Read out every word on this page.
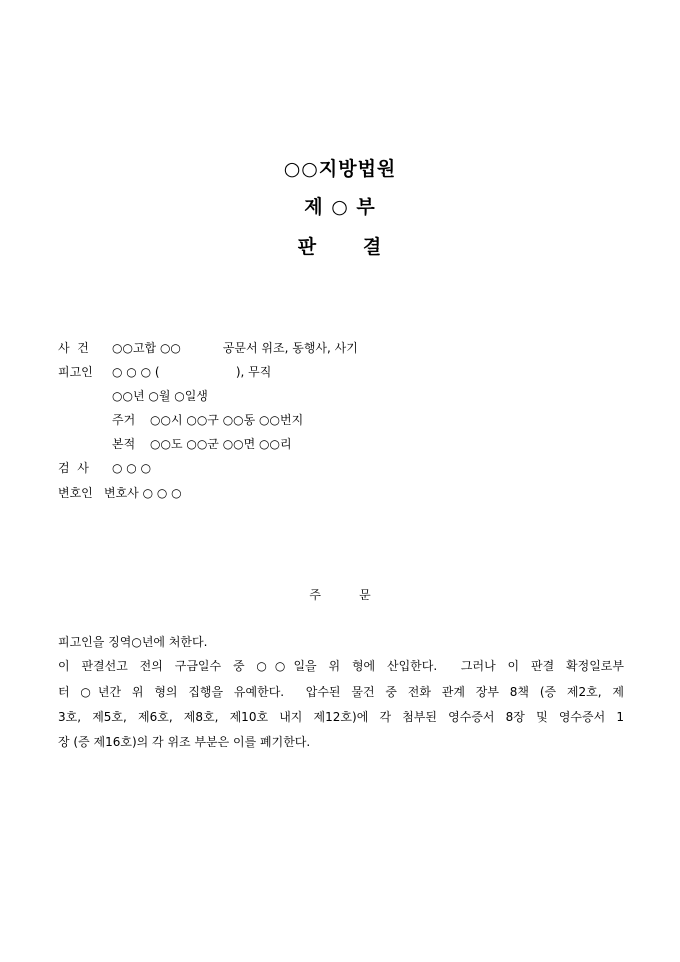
○○지방법원
제 ○ 부
판      결
사  건 ○○고합 ○○           공문서 위조, 동행사, 사기
피고인 ○ ○ ○ (                    ), 무직
○○년 ○월 ○일생
주거 ○○시 ○○구 ○○동 ○○번지
본적 ○○도 ○○군 ○○면 ○○리
검  사 ○ ○ ○
변호인 변호사 ○ ○ ○
주          문
피고인을 징역○년에 처한다.
이 판결선고 전의 구금일수 중 ○○일을 위 형에 산입한다.  그러나 이 판결 확정일로부
터 ○년간 위 형의 집행을 유예한다.  압수된 물건 중 전화 관계 장부 8책 (증 제2호, 제
3호, 제5호, 제6호, 제8호, 제10호 내지 제12호)에 각 첨부된 영수증서 8장 및 영수증서 1
장 (증 제16호)의 각 위조 부분은 이를 폐기한다.
